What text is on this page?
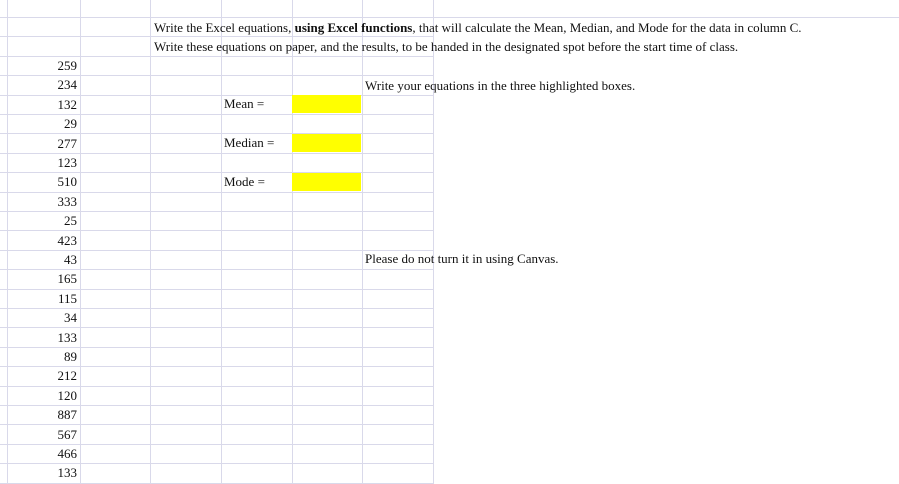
Write the Excel equations, using Excel functions, that will calculate the Mean, Median, and Mode for the data in column C.
Write these equations on paper, and the results, to be handed in the designated spot before the start time of class.
259
234
132
29
277
123
510
333
25
423
43
165
115
34
133
89
212
120
887
567
466
133
Mean =
Median =
Mode =
Write your equations in the three highlighted boxes.
Please do not turn it in using Canvas.
